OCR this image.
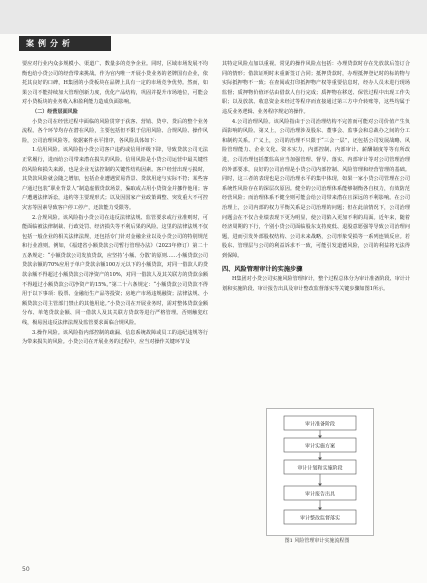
案例分析

要应对行业内众多规模小、渠道广、数量多的竞争企业。同时，区域市场发展不均衡也给小贷公司的经营带来挑战。作为官内唯一开展小贷业务的老牌国有企业，依托其良好的口碑，H集团的小贷板块在品牌上具有一定的市场竞争优势。然而，如果公司不能持续加大管理创新力度，优化产品结构，巩固并提升市场地位，可能会对小贷板块的业务收入和盈利能力造成负面影响。

（二）经营层面风险

小贷公司在经营过程中面临的风险贯穿于获客、营销、贷中、贷后的整个业务流程。各个环节均存在潜在风险，主要包括但不限于信用风险、合规风险、操作风险，公司治理风险等。依据案件水平排序，各风险具体如下：

1.信用风险。该风险指小贷公司客户违约或信用评级下降，导致贷款公司无法正常履行，进而给公司带来潜在损失的风险。信用风险是小贷公司运营中最关键性的风险和损失来源，也是企业无法控制的关键性结构因素。客户经营出现亏损时，其贷款风险就会随之增加，包括企业遭遇贸易背景、贷款用途与实际不符；某些客户通过包装“职业背景人”制造虚假贷款场景，骗取或占用小贷资金并挪作他用；客户遭遇法律诉讼，违约等主要现形式；以及因国家产业政策调整、突发重大不可控灾害等因素导致客户停工停产，还款能力受限等。

2.合规风险。该风险指小贷公司在违反法律法规、监管要求或行业准则时，可能面临被法律制裁、行政处罚、经济损失等不利后果的风险。这里的法律法规不仅包括一般企业的相关法律法规，还包括专门针对金融企业以及小贷公司的特别规范和行业准则。例如，《福建省小额贷款公司暂行管理办法》（2023年修订）第二十五条规定：“小额贷款公司发放贷款，应坚持‘小额、分散’的原则……小额贷款公司贷款余额的70%应用于单户贷款余额100万元以下的小额贷款，对同一借款人的贷款余额不得超过小额贷款公司净资产的10%，对同一借款人及其关联方的贷款余额不得超过小额贷款公司净资产的15%。”第二十六条规定：“小额贷款公司贷款不得用于以下事项：股票、金融衍生产品等投资；房地产市场违规融资；法律法规、小额贷款公司主管部门禁止的其他用途。”小贷公司在开展业务时，需对整体贷款金额分布、单笔贷款金额、同一借款人及其关联方贷款等进行严格管理。否则触犯红线，极易因违反法律法规及监管要求面临合规风险。

3.操作风险。该风险指内部控制的疏漏、信息系统故障或员工的违纪违规等行为带来损失的风险。小贷公司在开展业务的过程中，应当对操作关键环节及

其特定风险点加以重视。常见的操作风险点包括：办理贷款时存在先放款后签订合同的情形；借款证明时未重新签订合同；抵押贷款时，办理抵押登记时的标的物与实际抵押物不一致；在查阅或打印抵押物产权等重要信息时，经办人员未进行现场监督；质押物价值评估由借款人自行完成；质押物在移送、保管过程中出现工作失职；以及放款、收息资金未经过等程序而直接通过第三方中介转账等，这些均属于违反业务逻辑、业务程序规定的操作。

4.公司治理风险。该风险指由于公司治理结构不完善而可能对公司价值产生负面影响的风险。第又上，公司治理涉及股东、董事会、监事会和总裁办之间的分工和制约关系。广义上，公司的治理不只限于“三会一层”，还包括公司发展战略、风险管理能力、企业文化、资本实力，内部控制、内部审计、薪酬制度等等有所改进，公司治理包括董监高应当加强管理、督导、落实、内部审计等对公司管理治理的外部要求，良好的公司治理是小贷公司内部控制、风险管理和经营管理的基础。同时，这三者的表现也是公司治理水平的集中体现，如果一家小贷公司管理在公司系统性风险存在的深层次原因。健全的公司治理体系能够制衡各自权力，有效防范经营风险；而治理体系不健全则可能会给公司带来潜在且深远的不利影响。在公司治理上，公司内部的权力平衡关系是公司治理的问题；但在此前情况下，公司治理问题会在不仅合业绩表现下更为明显，使公司陷入更加不利的局面。近年来，随着经济周期的下行，个别小贷公司面临股东支持度低、退股意愿强等导致公司治理问题，进而引发外部股权结构、公司未来战略，公司形象受损等一系列连锁反应。若股东、管理层与公司的利益诉求不一致，可能引发道德风险，公司的利益将无法得到保障。

四、风险管理审计的实施步骤

H集团对小贷公司实施风险管理审计，整个过程总体分为审计准备阶段、审计计划和实施阶段、审计报告出具及审计整改监督落实等关键步骤如图1所示。

审计准备阶段
审计实施方案
审计计划和实施阶段
审计报告出具
审计整改监督落实
图1 风险管理审计实施流程图
50
